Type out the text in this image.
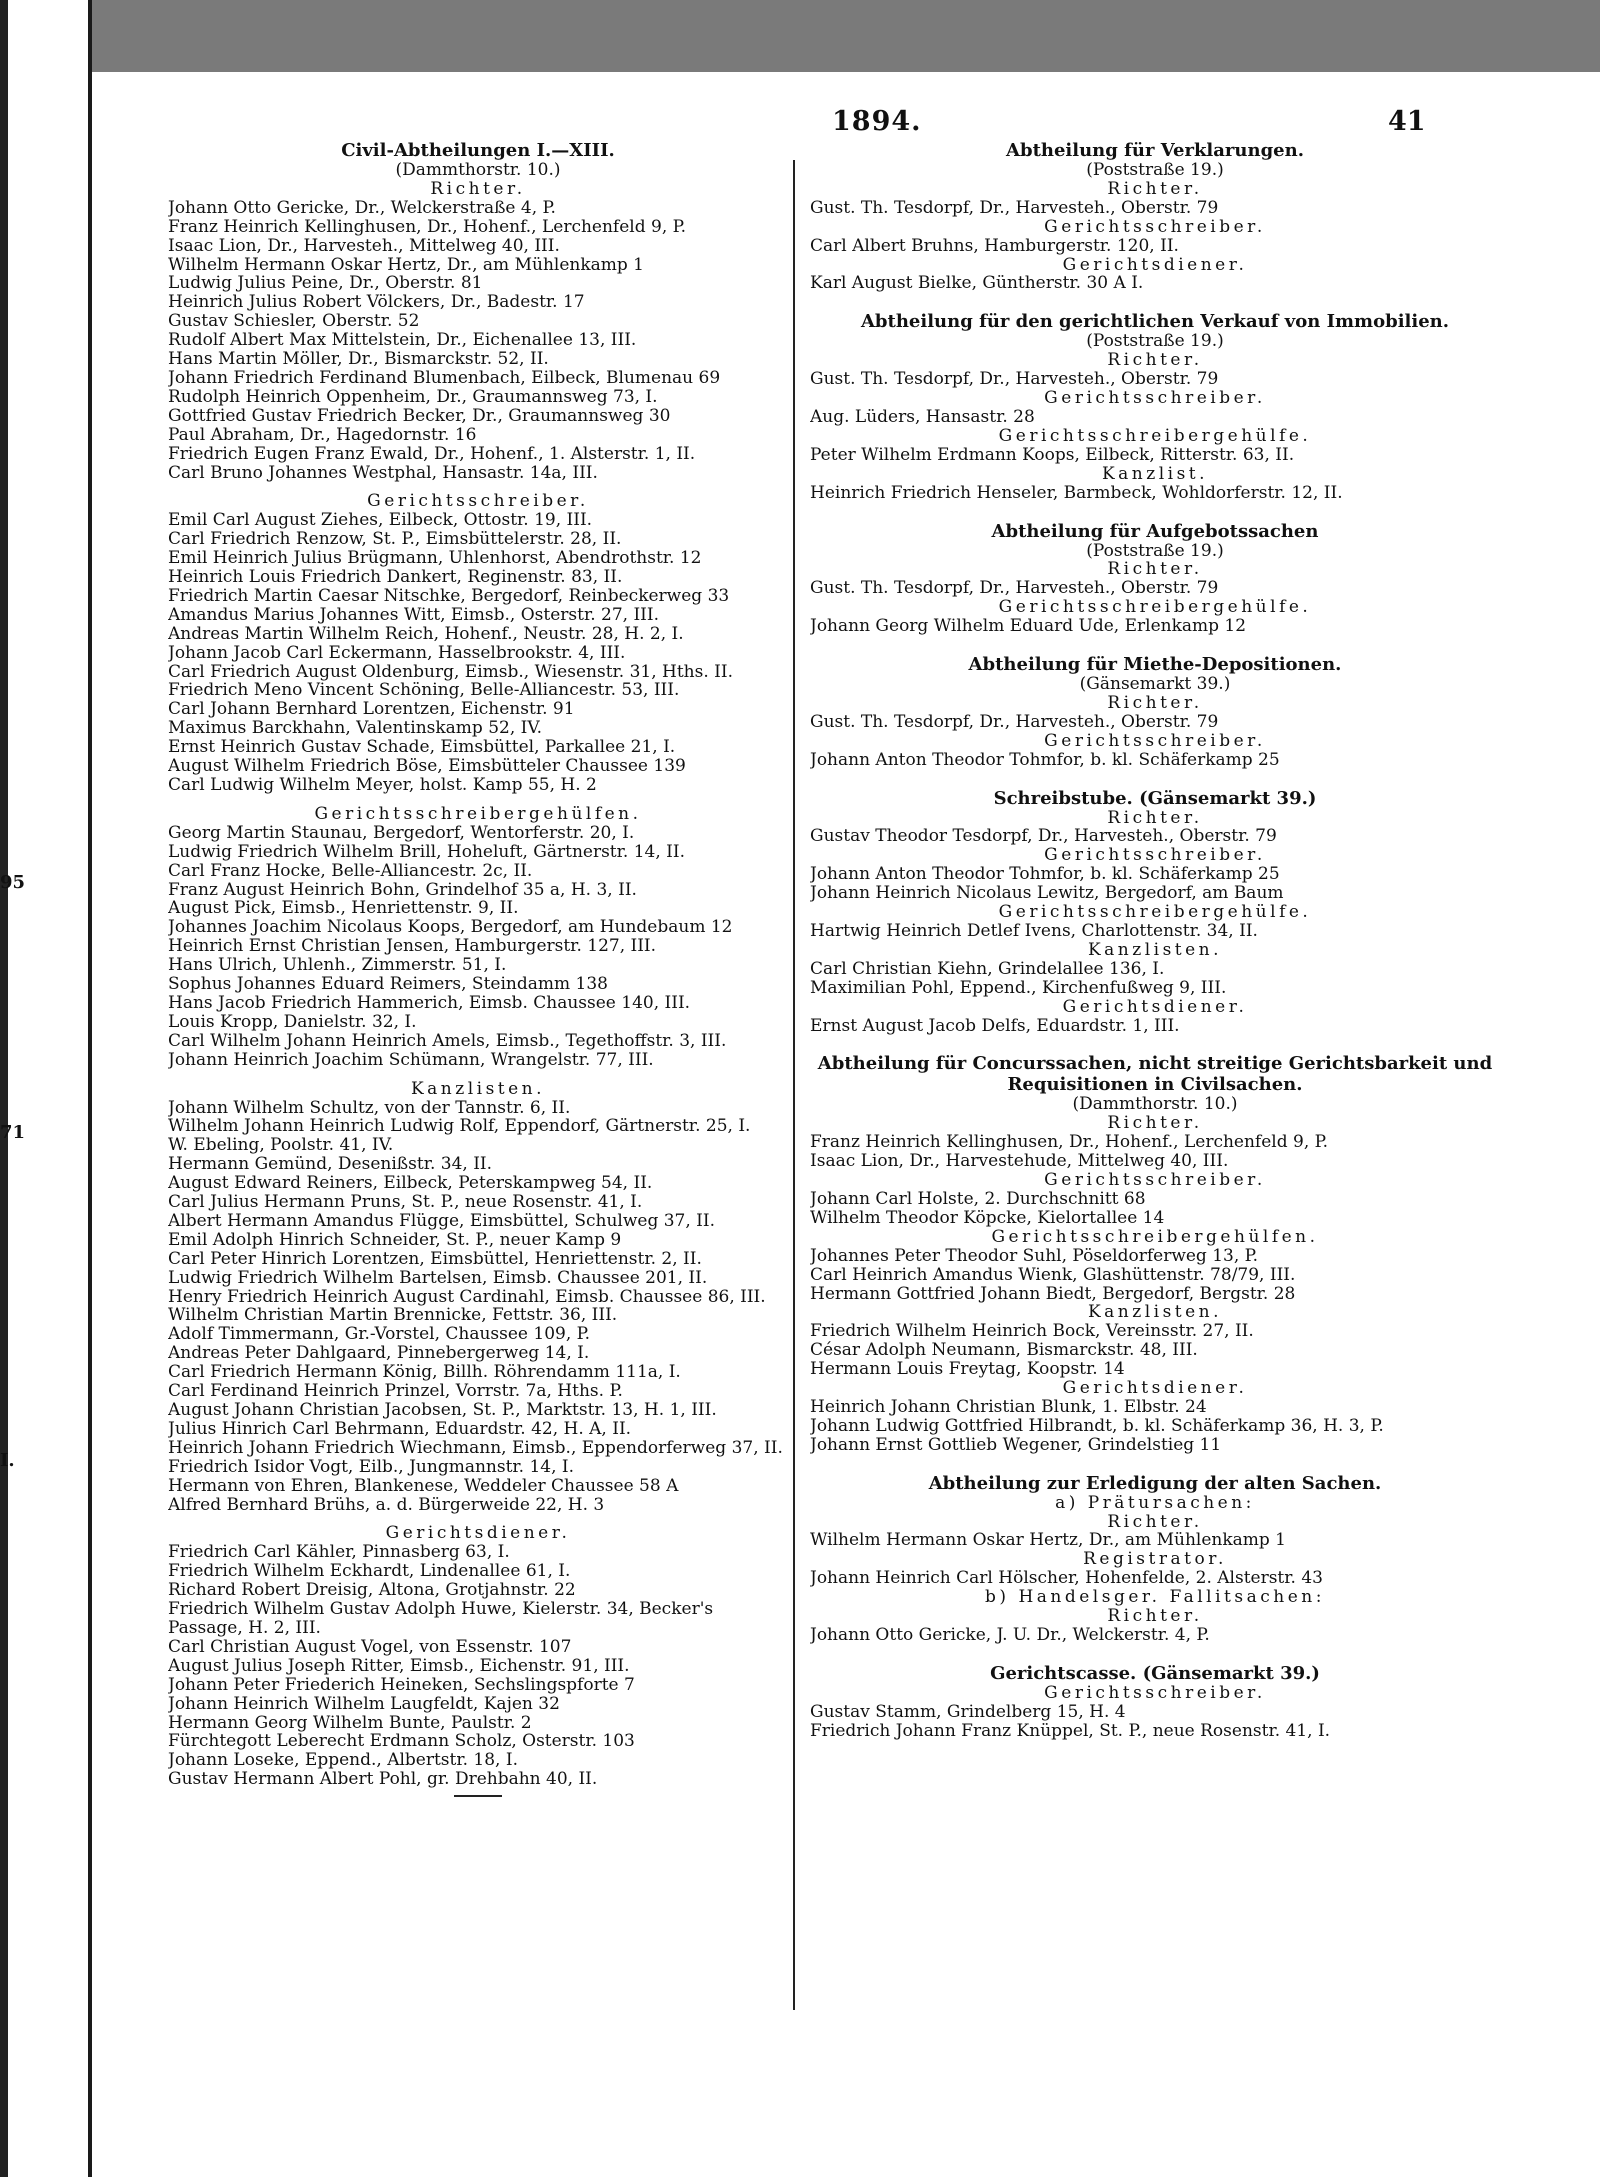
95
71
I.
1894.	41
Civil-Abtheilungen I.—XIII.
(Dammthorstr. 10.)
Richter.
Johann Otto Gericke, Dr., Welckerstraße 4, P.
Franz Heinrich Kellinghusen, Dr., Hohenf., Lerchenfeld 9, P.
Isaac Lion, Dr., Harvesteh., Mittelweg 40, III.
Wilhelm Hermann Oskar Hertz, Dr., am Mühlenkamp 1
Ludwig Julius Peine, Dr., Oberstr. 81
Heinrich Julius Robert Völckers, Dr., Badestr. 17
Gustav Schiesler, Oberstr. 52
Rudolf Albert Max Mittelstein, Dr., Eichenallee 13, III.
Hans Martin Möller, Dr., Bismarckstr. 52, II.
Johann Friedrich Ferdinand Blumenbach, Eilbeck, Blumenau 69
Rudolph Heinrich Oppenheim, Dr., Graumannsweg 73, I.
Gottfried Gustav Friedrich Becker, Dr., Graumannsweg 30
Paul Abraham, Dr., Hagedornstr. 16
Friedrich Eugen Franz Ewald, Dr., Hohenf., 1. Alsterstr. 1, II.
Carl Bruno Johannes Westphal, Hansastr. 14a, III.
Gerichtsschreiber.
Emil Carl August Ziehes, Eilbeck, Ottostr. 19, III.
Carl Friedrich Renzow, St. P., Eimsbüttelerstr. 28, II.
Emil Heinrich Julius Brügmann, Uhlenhorst, Abendrothstr. 12
Heinrich Louis Friedrich Dankert, Reginenstr. 83, II.
Friedrich Martin Caesar Nitschke, Bergedorf, Reinbeckerweg 33
Amandus Marius Johannes Witt, Eimsb., Osterstr. 27, III.
Andreas Martin Wilhelm Reich, Hohenf., Neustr. 28, H. 2, I.
Johann Jacob Carl Eckermann, Hasselbrookstr. 4, III.
Carl Friedrich August Oldenburg, Eimsb., Wiesenstr. 31, Hths. II.
Friedrich Meno Vincent Schöning, Belle-Alliancestr. 53, III.
Carl Johann Bernhard Lorentzen, Eichenstr. 91
Maximus Barckhahn, Valentinskamp 52, IV.
Ernst Heinrich Gustav Schade, Eimsbüttel, Parkallee 21, I.
August Wilhelm Friedrich Böse, Eimsbütteler Chaussee 139
Carl Ludwig Wilhelm Meyer, holst. Kamp 55, H. 2
Gerichtsschreibergehülfen.
Georg Martin Staunau, Bergedorf, Wentorferstr. 20, I.
Ludwig Friedrich Wilhelm Brill, Hoheluft, Gärtnerstr. 14, II.
Carl Franz Hocke, Belle-Alliancestr. 2c, II.
Franz August Heinrich Bohn, Grindelhof 35 a, H. 3, II.
August Pick, Eimsb., Henriettenstr. 9, II.
Johannes Joachim Nicolaus Koops, Bergedorf, am Hundebaum 12
Heinrich Ernst Christian Jensen, Hamburgerstr. 127, III.
Hans Ulrich, Uhlenh., Zimmerstr. 51, I.
Sophus Johannes Eduard Reimers, Steindamm 138
Hans Jacob Friedrich Hammerich, Eimsb. Chaussee 140, III.
Louis Kropp, Danielstr. 32, I.
Carl Wilhelm Johann Heinrich Amels, Eimsb., Tegethoffstr. 3, III.
Johann Heinrich Joachim Schümann, Wrangelstr. 77, III.
Kanzlisten.
Johann Wilhelm Schultz, von der Tannstr. 6, II.
Wilhelm Johann Heinrich Ludwig Rolf, Eppendorf, Gärtnerstr. 25, I.
W. Ebeling, Poolstr. 41, IV.
Hermann Gemünd, Desenißstr. 34, II.
August Edward Reiners, Eilbeck, Peterskampweg 54, II.
Carl Julius Hermann Pruns, St. P., neue Rosenstr. 41, I.
Albert Hermann Amandus Flügge, Eimsbüttel, Schulweg 37, II.
Emil Adolph Hinrich Schneider, St. P., neuer Kamp 9
Carl Peter Hinrich Lorentzen, Eimsbüttel, Henriettenstr. 2, II.
Ludwig Friedrich Wilhelm Bartelsen, Eimsb. Chaussee 201, II.
Henry Friedrich Heinrich August Cardinahl, Eimsb. Chaussee 86, III.
Wilhelm Christian Martin Brennicke, Fettstr. 36, III.
Adolf Timmermann, Gr.-Vorstel, Chaussee 109, P.
Andreas Peter Dahlgaard, Pinnebergerweg 14, I.
Carl Friedrich Hermann König, Billh. Röhrendamm 111a, I.
Carl Ferdinand Heinrich Prinzel, Vorrstr. 7a, Hths. P.
August Johann Christian Jacobsen, St. P., Marktstr. 13, H. 1, III.
Julius Hinrich Carl Behrmann, Eduardstr. 42, H. A, II.
Heinrich Johann Friedrich Wiechmann, Eimsb., Eppendorferweg 37, II.
Friedrich Isidor Vogt, Eilb., Jungmannstr. 14, I.
Hermann von Ehren, Blankenese, Weddeler Chaussee 58 A
Alfred Bernhard Brühs, a. d. Bürgerweide 22, H. 3
Gerichtsdiener.
Friedrich Carl Kähler, Pinnasberg 63, I.
Friedrich Wilhelm Eckhardt, Lindenallee 61, I.
Richard Robert Dreisig, Altona, Grotjahnstr. 22
Friedrich Wilhelm Gustav Adolph Huwe, Kielerstr. 34, Becker's Passage, H. 2, III.
Carl Christian August Vogel, von Essenstr. 107
August Julius Joseph Ritter, Eimsb., Eichenstr. 91, III.
Johann Peter Friederich Heineken, Sechslingspforte 7
Johann Heinrich Wilhelm Laugfeldt, Kajen 32
Hermann Georg Wilhelm Bunte, Paulstr. 2
Fürchtegott Leberecht Erdmann Scholz, Osterstr. 103
Johann Loseke, Eppend., Albertstr. 18, I.
Gustav Hermann Albert Pohl, gr. Drehbahn 40, II.
Abtheilung für Verklarungen.
(Poststraße 19.)
Richter.
Gust. Th. Tesdorpf, Dr., Harvesteh., Oberstr. 79
Gerichtsschreiber.
Carl Albert Bruhns, Hamburgerstr. 120, II.
Gerichtsdiener.
Karl August Bielke, Güntherstr. 30 A I.
Abtheilung für den gerichtlichen Verkauf von Immobilien.
(Poststraße 19.)
Richter.
Gust. Th. Tesdorpf, Dr., Harvesteh., Oberstr. 79
Gerichtsschreiber.
Aug. Lüders, Hansastr. 28
Gerichtsschreibergehülfe.
Peter Wilhelm Erdmann Koops, Eilbeck, Ritterstr. 63, II.
Kanzlist.
Heinrich Friedrich Henseler, Barmbeck, Wohldorferstr. 12, II.
Abtheilung für Aufgebotssachen
(Poststraße 19.)
Richter.
Gust. Th. Tesdorpf, Dr., Harvesteh., Oberstr. 79
Gerichtsschreibergehülfe.
Johann Georg Wilhelm Eduard Ude, Erlenkamp 12
Abtheilung für Miethe-Depositionen.
(Gänsemarkt 39.)
Richter.
Gust. Th. Tesdorpf, Dr., Harvesteh., Oberstr. 79
Gerichtsschreiber.
Johann Anton Theodor Tohmfor, b. kl. Schäferkamp 25
Schreibstube. (Gänsemarkt 39.)
Richter.
Gustav Theodor Tesdorpf, Dr., Harvesteh., Oberstr. 79
Gerichtsschreiber.
Johann Anton Theodor Tohmfor, b. kl. Schäferkamp 25
Johann Heinrich Nicolaus Lewitz, Bergedorf, am Baum
Gerichtsschreibergehülfe.
Hartwig Heinrich Detlef Ivens, Charlottenstr. 34, II.
Kanzlisten.
Carl Christian Kiehn, Grindelallee 136, I.
Maximilian Pohl, Eppend., Kirchenfußweg 9, III.
Gerichtsdiener.
Ernst August Jacob Delfs, Eduardstr. 1, III.
Abtheilung für Concurssachen, nicht streitige Gerichtsbarkeit und Requisitionen in Civilsachen.
(Dammthorstr. 10.)
Richter.
Franz Heinrich Kellinghusen, Dr., Hohenf., Lerchenfeld 9, P.
Isaac Lion, Dr., Harvestehude, Mittelweg 40, III.
Gerichtsschreiber.
Johann Carl Holste, 2. Durchschnitt 68
Wilhelm Theodor Köpcke, Kielortallee 14
Gerichtsschreibergehülfen.
Johannes Peter Theodor Suhl, Pöseldorferweg 13, P.
Carl Heinrich Amandus Wienk, Glashüttenstr. 78/79, III.
Hermann Gottfried Johann Biedt, Bergedorf, Bergstr. 28
Kanzlisten.
Friedrich Wilhelm Heinrich Bock, Vereinsstr. 27, II.
César Adolph Neumann, Bismarckstr. 48, III.
Hermann Louis Freytag, Koopstr. 14
Gerichtsdiener.
Heinrich Johann Christian Blunk, 1. Elbstr. 24
Johann Ludwig Gottfried Hilbrandt, b. kl. Schäferkamp 36, H. 3, P.
Johann Ernst Gottlieb Wegener, Grindelstieg 11
Abtheilung zur Erledigung der alten Sachen.
a) Prätursachen:
Richter.
Wilhelm Hermann Oskar Hertz, Dr., am Mühlenkamp 1
Registrator.
Johann Heinrich Carl Hölscher, Hohenfelde, 2. Alsterstr. 43
b) Handelsger. Fallitsachen:
Richter.
Johann Otto Gericke, J. U. Dr., Welckerstr. 4, P.
Gerichtscasse. (Gänsemarkt 39.)
Gerichtsschreiber.
Gustav Stamm, Grindelberg 15, H. 4
Friedrich Johann Franz Knüppel, St. P., neue Rosenstr. 41, I.
